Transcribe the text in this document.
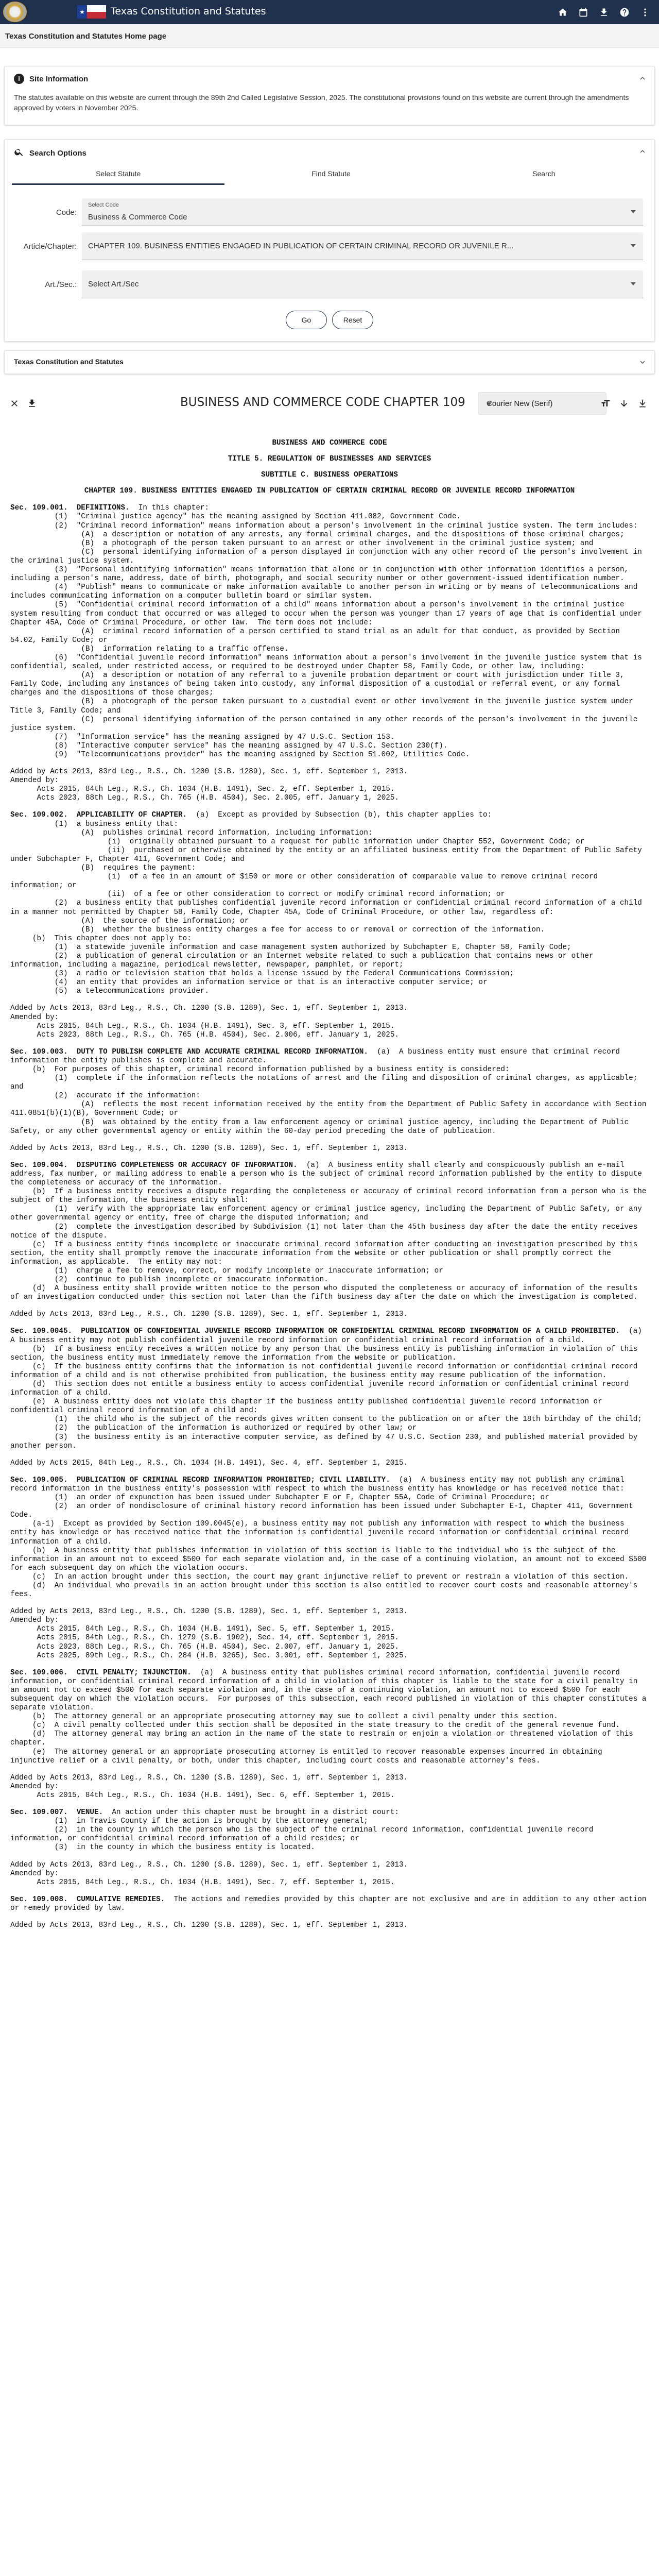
★	Texas Constitution and Statutes
Texas Constitution and Statutes Home page
i	Site Information
The statutes available on this website are current through the 89th 2nd Called Legislative Session, 2025. The constitutional provisions found on this website are current through the amendments approved by voters in November 2025.
Search Options
Select Statute	Find Statute	Search
Code:
Select Code
Business & Commerce Code
Article/Chapter:	CHAPTER 109. BUSINESS ENTITIES ENGAGED IN PUBLICATION OF CERTAIN CRIMINAL RECORD OR JUVENILE R...
Art./Sec.:	Select Art./Sec
Go	Reset
Texas Constitution and Statutes
BUSINESS AND COMMERCE CODE CHAPTER 109	Courier New (Serif)

BUSINESS AND COMMERCE CODE

TITLE 5. REGULATION OF BUSINESSES AND SERVICES

SUBTITLE C. BUSINESS OPERATIONS

CHAPTER 109. BUSINESS ENTITIES ENGAGED IN PUBLICATION OF CERTAIN CRIMINAL RECORD OR JUVENILE RECORD INFORMATION

Sec. 109.001.  DEFINITIONS.  In this chapter:
(1)  "Criminal justice agency" has the meaning assigned by Section 411.082, Government Code.
(2)  "Criminal record information" means information about a person's involvement in the criminal justice system. The term includes:
(A)  a description or notation of any arrests, any formal criminal charges, and the dispositions of those criminal charges;
(B)  a photograph of the person taken pursuant to an arrest or other involvement in the criminal justice system; and
(C)  personal identifying information of a person displayed in conjunction with any other record of the person's involvement in the criminal justice system.
(3)  "Personal identifying information" means information that alone or in conjunction with other information identifies a person, including a person's name, address, date of birth, photograph, and social security number or other government-issued identification number.
(4)  "Publish" means to communicate or make information available to another person in writing or by means of telecommunications and includes communicating information on a computer bulletin board or similar system.
(5)  "Confidential criminal record information of a child" means information about a person's involvement in the criminal justice system resulting from conduct that occurred or was alleged to occur when the person was younger than 17 years of age that is confidential under Chapter 45A, Code of Criminal Procedure, or other law.  The term does not include:
(A)  criminal record information of a person certified to stand trial as an adult for that conduct, as provided by Section 54.02, Family Code; or
(B)  information relating to a traffic offense.
(6)  "Confidential juvenile record information" means information about a person's involvement in the juvenile justice system that is confidential, sealed, under restricted access, or required to be destroyed under Chapter 58, Family Code, or other law, including:
(A)  a description or notation of any referral to a juvenile probation department or court with jurisdiction under Title 3, Family Code, including any instances of being taken into custody, any informal disposition of a custodial or referral event, or any formal charges and the dispositions of those charges;
(B)  a photograph of the person taken pursuant to a custodial event or other involvement in the juvenile justice system under Title 3, Family Code; and
(C)  personal identifying information of the person contained in any other records of the person's involvement in the juvenile justice system.
(7)  "Information service" has the meaning assigned by 47 U.S.C. Section 153.
(8)  "Interactive computer service" has the meaning assigned by 47 U.S.C. Section 230(f).
(9)  "Telecommunications provider" has the meaning assigned by Section 51.002, Utilities Code.

Added by Acts 2013, 83rd Leg., R.S., Ch. 1200 (S.B. 1289), Sec. 1, eff. September 1, 2013.
Amended by:
Acts 2015, 84th Leg., R.S., Ch. 1034 (H.B. 1491), Sec. 2, eff. September 1, 2015.
Acts 2023, 88th Leg., R.S., Ch. 765 (H.B. 4504), Sec. 2.005, eff. January 1, 2025.

Sec. 109.002.  APPLICABILITY OF CHAPTER.  (a)  Except as provided by Subsection (b), this chapter applies to:
(1)  a business entity that:
(A)  publishes criminal record information, including information:
(i)  originally obtained pursuant to a request for public information under Chapter 552, Government Code; or
(ii)  purchased or otherwise obtained by the entity or an affiliated business entity from the Department of Public Safety under Subchapter F, Chapter 411, Government Code; and
(B)  requires the payment:
(i)  of a fee in an amount of $150 or more or other consideration of comparable value to remove criminal record information; or
(ii)  of a fee or other consideration to correct or modify criminal record information; or
(2)  a business entity that publishes confidential juvenile record information or confidential criminal record information of a child in a manner not permitted by Chapter 58, Family Code, Chapter 45A, Code of Criminal Procedure, or other law, regardless of:
(A)  the source of the information; or
(B)  whether the business entity charges a fee for access to or removal or correction of the information.
(b)  This chapter does not apply to:
(1)  a statewide juvenile information and case management system authorized by Subchapter E, Chapter 58, Family Code;
(2)  a publication of general circulation or an Internet website related to such a publication that contains news or other information, including a magazine, periodical newsletter, newspaper, pamphlet, or report;
(3)  a radio or television station that holds a license issued by the Federal Communications Commission;
(4)  an entity that provides an information service or that is an interactive computer service; or
(5)  a telecommunications provider.

Added by Acts 2013, 83rd Leg., R.S., Ch. 1200 (S.B. 1289), Sec. 1, eff. September 1, 2013.
Amended by:
Acts 2015, 84th Leg., R.S., Ch. 1034 (H.B. 1491), Sec. 3, eff. September 1, 2015.
Acts 2023, 88th Leg., R.S., Ch. 765 (H.B. 4504), Sec. 2.006, eff. January 1, 2025.

Sec. 109.003.  DUTY TO PUBLISH COMPLETE AND ACCURATE CRIMINAL RECORD INFORMATION.  (a)  A business entity must ensure that criminal record information the entity publishes is complete and accurate.
(b)  For purposes of this chapter, criminal record information published by a business entity is considered:
(1)  complete if the information reflects the notations of arrest and the filing and disposition of criminal charges, as applicable; and
(2)  accurate if the information:
(A)  reflects the most recent information received by the entity from the Department of Public Safety in accordance with Section 411.0851(b)(1)(B), Government Code; or
(B)  was obtained by the entity from a law enforcement agency or criminal justice agency, including the Department of Public Safety, or any other governmental agency or entity within the 60-day period preceding the date of publication.

Added by Acts 2013, 83rd Leg., R.S., Ch. 1200 (S.B. 1289), Sec. 1, eff. September 1, 2013.

Sec. 109.004.  DISPUTING COMPLETENESS OR ACCURACY OF INFORMATION.  (a)  A business entity shall clearly and conspicuously publish an e-mail address, fax number, or mailing address to enable a person who is the subject of criminal record information published by the entity to dispute the completeness or accuracy of the information.
(b)  If a business entity receives a dispute regarding the completeness or accuracy of criminal record information from a person who is the subject of the information, the business entity shall:
(1)  verify with the appropriate law enforcement agency or criminal justice agency, including the Department of Public Safety, or any other governmental agency or entity, free of charge the disputed information; and
(2)  complete the investigation described by Subdivision (1) not later than the 45th business day after the date the entity receives notice of the dispute.
(c)  If a business entity finds incomplete or inaccurate criminal record information after conducting an investigation prescribed by this section, the entity shall promptly remove the inaccurate information from the website or other publication or shall promptly correct the information, as applicable.  The entity may not:
(1)  charge a fee to remove, correct, or modify incomplete or inaccurate information; or
(2)  continue to publish incomplete or inaccurate information.
(d)  A business entity shall provide written notice to the person who disputed the completeness or accuracy of information of the results of an investigation conducted under this section not later than the fifth business day after the date on which the investigation is completed.

Added by Acts 2013, 83rd Leg., R.S., Ch. 1200 (S.B. 1289), Sec. 1, eff. September 1, 2013.

Sec. 109.0045.  PUBLICATION OF CONFIDENTIAL JUVENILE RECORD INFORMATION OR CONFIDENTIAL CRIMINAL RECORD INFORMATION OF A CHILD PROHIBITED.  (a)  A business entity may not publish confidential juvenile record information or confidential criminal record information of a child.
(b)  If a business entity receives a written notice by any person that the business entity is publishing information in violation of this section, the business entity must immediately remove the information from the website or publication.
(c)  If the business entity confirms that the information is not confidential juvenile record information or confidential criminal record information of a child and is not otherwise prohibited from publication, the business entity may resume publication of the information.
(d)  This section does not entitle a business entity to access confidential juvenile record information or confidential criminal record information of a child.
(e)  A business entity does not violate this chapter if the business entity published confidential juvenile record information or confidential criminal record information of a child and:
(1)  the child who is the subject of the records gives written consent to the publication on or after the 18th birthday of the child;
(2)  the publication of the information is authorized or required by other law; or
(3)  the business entity is an interactive computer service, as defined by 47 U.S.C. Section 230, and published material provided by another person.

Added by Acts 2015, 84th Leg., R.S., Ch. 1034 (H.B. 1491), Sec. 4, eff. September 1, 2015.

Sec. 109.005.  PUBLICATION OF CRIMINAL RECORD INFORMATION PROHIBITED; CIVIL LIABILITY.  (a)  A business entity may not publish any criminal record information in the business entity's possession with respect to which the business entity has knowledge or has received notice that:
(1)  an order of expunction has been issued under Subchapter E or F, Chapter 55A, Code of Criminal Procedure; or
(2)  an order of nondisclosure of criminal history record information has been issued under Subchapter E-1, Chapter 411, Government Code.
(a-1)  Except as provided by Section 109.0045(e), a business entity may not publish any information with respect to which the business entity has knowledge or has received notice that the information is confidential juvenile record information or confidential criminal record information of a child.
(b)  A business entity that publishes information in violation of this section is liable to the individual who is the subject of the information in an amount not to exceed $500 for each separate violation and, in the case of a continuing violation, an amount not to exceed $500 for each subsequent day on which the violation occurs.
(c)  In an action brought under this section, the court may grant injunctive relief to prevent or restrain a violation of this section.
(d)  An individual who prevails in an action brought under this section is also entitled to recover court costs and reasonable attorney's fees.

Added by Acts 2013, 83rd Leg., R.S., Ch. 1200 (S.B. 1289), Sec. 1, eff. September 1, 2013.
Amended by:
Acts 2015, 84th Leg., R.S., Ch. 1034 (H.B. 1491), Sec. 5, eff. September 1, 2015.
Acts 2015, 84th Leg., R.S., Ch. 1279 (S.B. 1902), Sec. 14, eff. September 1, 2015.
Acts 2023, 88th Leg., R.S., Ch. 765 (H.B. 4504), Sec. 2.007, eff. January 1, 2025.
Acts 2025, 89th Leg., R.S., Ch. 284 (H.B. 3265), Sec. 3.001, eff. September 1, 2025.

Sec. 109.006.  CIVIL PENALTY; INJUNCTION.  (a)  A business entity that publishes criminal record information, confidential juvenile record information, or confidential criminal record information of a child in violation of this chapter is liable to the state for a civil penalty in an amount not to exceed $500 for each separate violation and, in the case of a continuing violation, an amount not to exceed $500 for each subsequent day on which the violation occurs.  For purposes of this subsection, each record published in violation of this chapter constitutes a separate violation.
(b)  The attorney general or an appropriate prosecuting attorney may sue to collect a civil penalty under this section.
(c)  A civil penalty collected under this section shall be deposited in the state treasury to the credit of the general revenue fund.
(d)  The attorney general may bring an action in the name of the state to restrain or enjoin a violation or threatened violation of this chapter.
(e)  The attorney general or an appropriate prosecuting attorney is entitled to recover reasonable expenses incurred in obtaining injunctive relief or a civil penalty, or both, under this chapter, including court costs and reasonable attorney's fees.

Added by Acts 2013, 83rd Leg., R.S., Ch. 1200 (S.B. 1289), Sec. 1, eff. September 1, 2013.
Amended by:
Acts 2015, 84th Leg., R.S., Ch. 1034 (H.B. 1491), Sec. 6, eff. September 1, 2015.

Sec. 109.007.  VENUE.  An action under this chapter must be brought in a district court:
(1)  in Travis County if the action is brought by the attorney general;
(2)  in the county in which the person who is the subject of the criminal record information, confidential juvenile record information, or confidential criminal record information of a child resides; or
(3)  in the county in which the business entity is located.

Added by Acts 2013, 83rd Leg., R.S., Ch. 1200 (S.B. 1289), Sec. 1, eff. September 1, 2013.
Amended by:
Acts 2015, 84th Leg., R.S., Ch. 1034 (H.B. 1491), Sec. 7, eff. September 1, 2015.

Sec. 109.008.  CUMULATIVE REMEDIES.  The actions and remedies provided by this chapter are not exclusive and are in addition to any other action or remedy provided by law.

Added by Acts 2013, 83rd Leg., R.S., Ch. 1200 (S.B. 1289), Sec. 1, eff. September 1, 2013.
